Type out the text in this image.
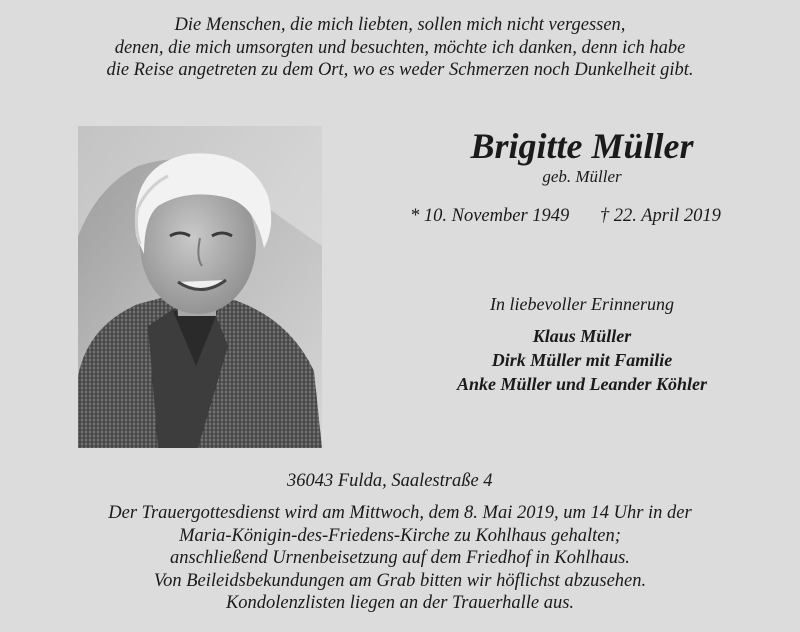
Die Menschen, die mich liebten, sollen mich nicht vergessen,
denen, die mich umsorgten und besuchten, möchte ich danken, denn ich habe
die Reise angetreten zu dem Ort, wo es weder Schmerzen noch Dunkelheit gibt.
Brigitte Müller
geb. Müller
* 10. November 1949 † 22. April 2019
In liebevoller Erinnerung
Klaus Müller
Dirk Müller mit Familie
Anke Müller und Leander Köhler
36043 Fulda, Saalestraße 4
Der Trauergottesdienst wird am Mittwoch, dem 8. Mai 2019, um 14 Uhr in der
Maria-Königin-des-Friedens-Kirche zu Kohlhaus gehalten;
anschließend Urnenbeisetzung auf dem Friedhof in Kohlhaus.
Von Beileidsbekundungen am Grab bitten wir höflichst abzusehen.
Kondolenzlisten liegen an der Trauerhalle aus.
